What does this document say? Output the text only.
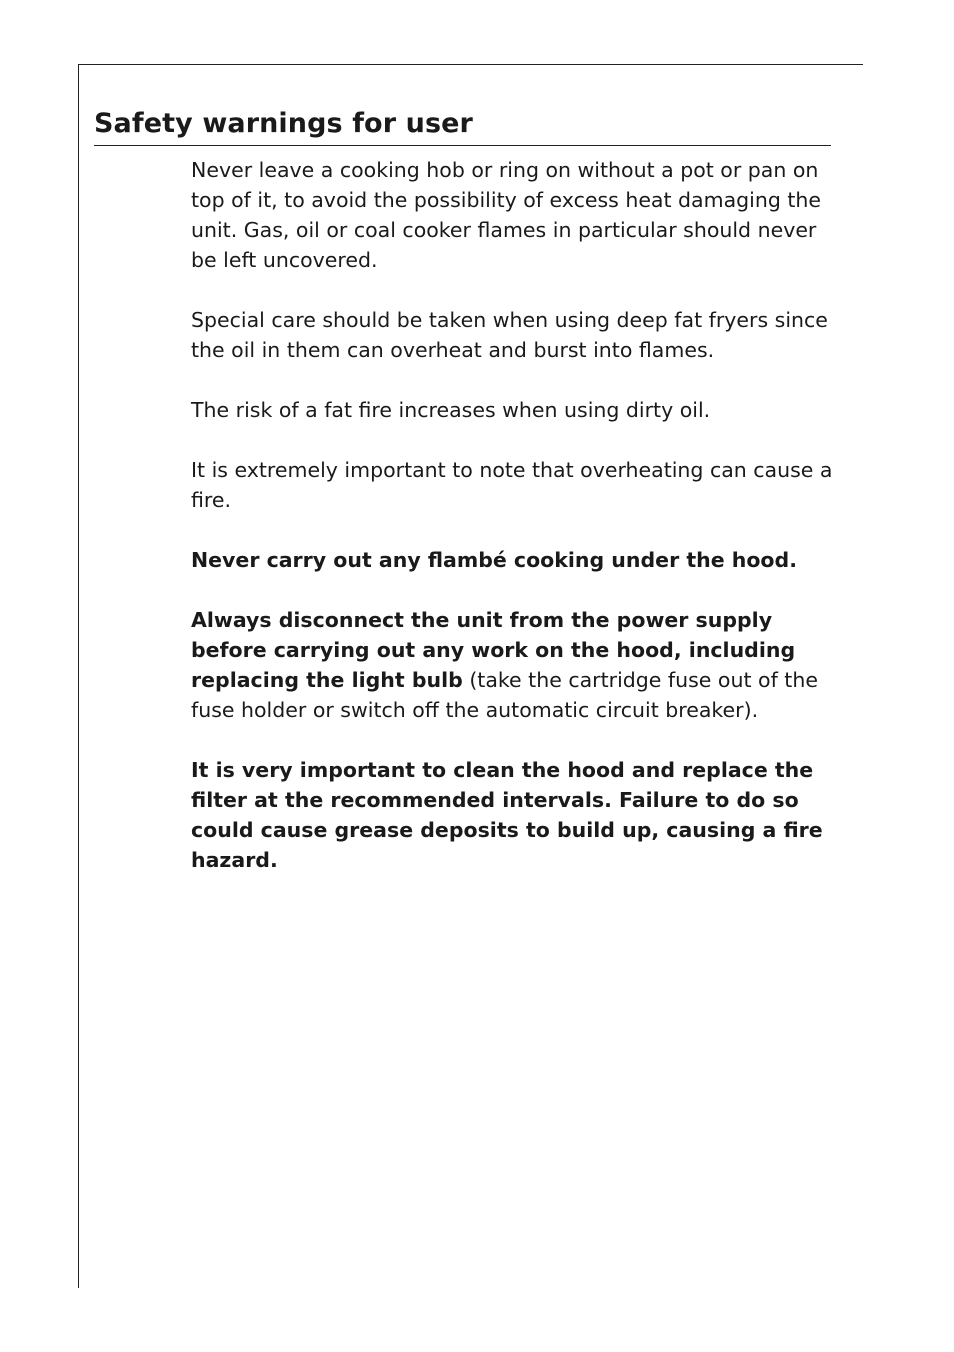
Safety warnings for user

Never leave a cooking hob or ring on without a pot or pan on top of it, to avoid the possibility of excess heat damaging the unit. Gas, oil or coal cooker flames in particular should never be left uncovered.

Special care should be taken when using deep fat fryers since the oil in them can overheat and burst into flames.

The risk of a fat fire increases when using dirty oil.

It is extremely important to note that overheating can cause a fire.

Never carry out any flambé cooking under the hood.

Always disconnect the unit from the power supply before carrying out any work on the hood, including replacing the light bulb (take the cartridge fuse out of the fuse holder or switch off the automatic circuit breaker).

It is very important to clean the hood and replace the filter at the recommended intervals. Failure to do so could cause grease deposits to build up, causing a fire hazard.
